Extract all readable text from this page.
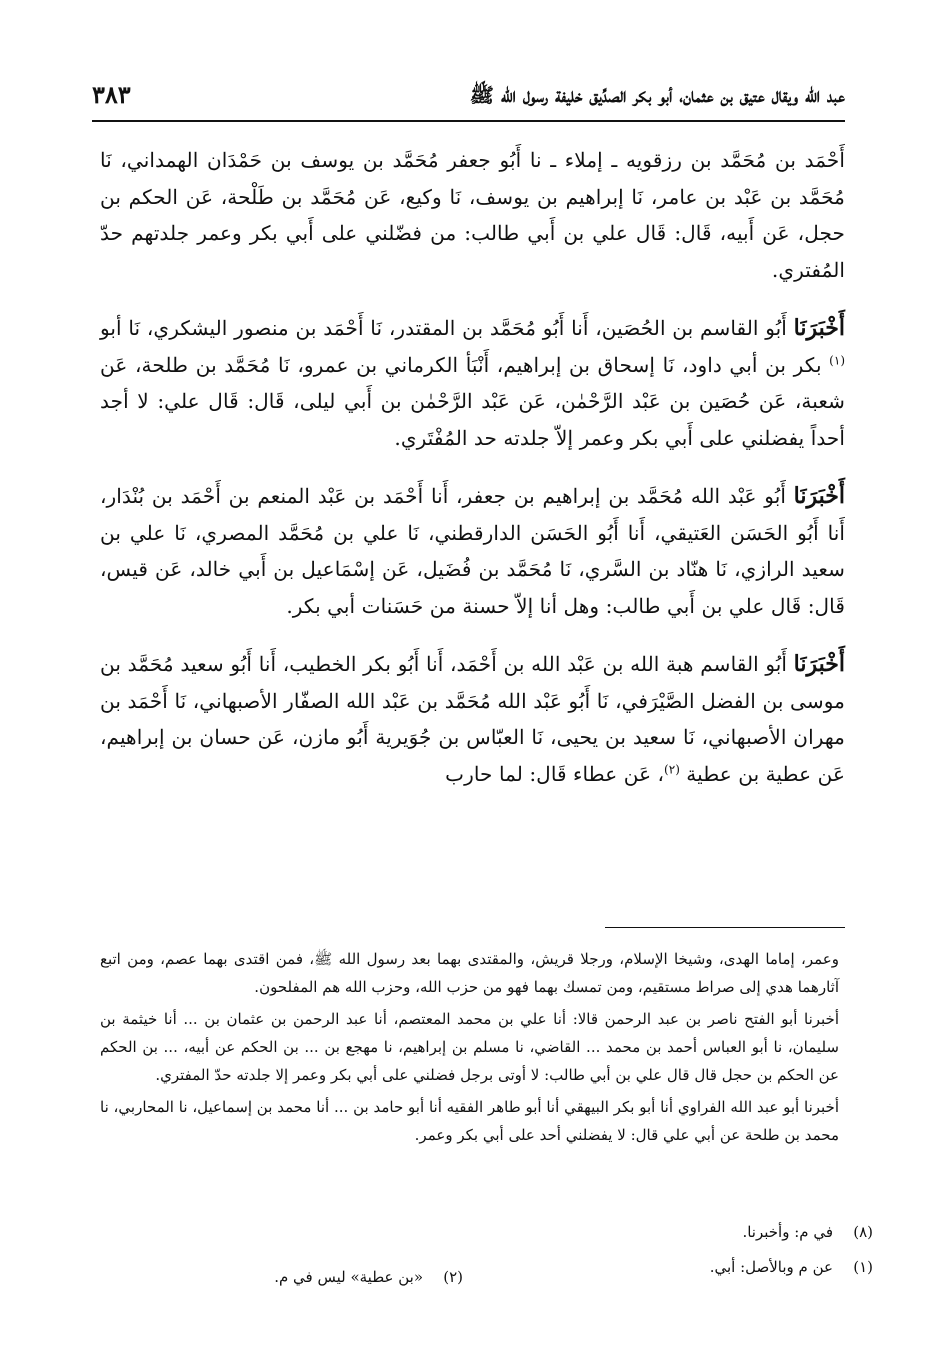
عبد الله ويقال عتيق بن عثمان، أبو بكر الصدِّيق خليفة رسول الله ﷺ
٣٨٣

أَحْمَد بن مُحَمَّد بن رزقويه ـ إملاء ـ نا أَبُو جعفر مُحَمَّد بن يوسف بن حَمْدَان الهمداني، نَا مُحَمَّد بن عَبْد بن عامر، نَا إبراهيم بن يوسف، نَا وكيع، عَن مُحَمَّد بن طَلْحة، عَن الحكم بن حجل، عَن أَبيه، قَال: قَال علي بن أَبي طالب: من فضّلني على أَبي بكر وعمر جلدتهم حدّ المُفتري.

أَخْبَرَنَا أَبُو القاسم بن الحُصَين، أَنا أَبُو مُحَمَّد بن المقتدر، نَا أَحْمَد بن منصور اليشكري، نَا أبو $^{(١)}$ بكر بن أبي داود، نَا إسحاق بن إبراهيم، أَنْبَأ الكرماني بن عمرو، نَا مُحَمَّد بن طلحة، عَن شعبة، عَن حُصَين بن عَبْد الرَّحْمٰن، عَن عَبْد الرَّحْمٰن بن أَبي ليلى، قَال: قَال علي: لا أجد أحداً يفضلني على أَبي بكر وعمر إلاّ جلدته حد المُفْتَري.

أَخْبَرَنَا أَبُو عَبْد الله مُحَمَّد بن إبراهيم بن جعفر، أَنا أَحْمَد بن عَبْد المنعم بن أَحْمَد بن بُنْدَار، أَنا أَبُو الحَسَن العَتيقي، أَنا أَبُو الحَسَن الدارقطني، نَا علي بن مُحَمَّد المصري، نَا علي بن سعيد الرازي، نَا هنّاد بن السَّري، نَا مُحَمَّد بن فُضَيل، عَن إسْمَاعيل بن أَبي خالد، عَن قيس، قَال: قَال علي بن أَبي طالب: وهل أنا إلاّ حسنة من حَسَنات أبي بكر.

أَخْبَرَنَا أَبُو القاسم هبة الله بن عَبْد الله بن أَحْمَد، أَنا أَبُو بكر الخطيب، أَنا أَبُو سعيد مُحَمَّد بن موسى بن الفضل الصَّيْرَفي، نَا أَبُو عَبْد الله مُحَمَّد بن عَبْد الله الصفّار الأصبهاني، نَا أَحْمَد بن مهران الأصبهاني، نَا سعيد بن يحيى، نَا العبّاس بن جُوَيرية أَبُو مازن، عَن حسان بن إبراهيم، عَن عطية بن عطية $^{(٢)}$، عَن عطاء قَال: لما حارب

وعمر، إماما الهدى، وشيخا الإسلام، ورجلا قريش، والمقتدى بهما بعد رسول الله ﷺ، فمن اقتدى بهما عصم، ومن اتبع آثارهما هدي إلى صراط مستقيم، ومن تمسك بهما فهو من حزب الله، وحزب الله هم المفلحون.

أخبرنا أبو الفتح ناصر بن عبد الرحمن قالا: أنا علي بن محمد المعتصم، أنا عبد الرحمن بن عثمان بن ... أنا خيثمة بن سليمان، نا أبو العباس أحمد بن محمد ... القاضي، نا مسلم بن إبراهيم، نا مهجع بن ... بن الحكم عن أبيه، ... بن الحكم عن الحكم بن حجل قال قال علي بن أبي طالب: لا أوتى برجل فضلني على أبي بكر وعمر إلا جلدته حدّ المفتري.

أخبرنا أبو عبد الله الفراوي أنا أبو بكر البيهقي أنا أبو طاهر الفقيه أنا أبو حامد بن ... أنا محمد بن إسماعيل، نا المحاربي، نا محمد بن طلحة عن أبي علي قال: لا يفضلني أحد على أبي بكر وعمر.

(٨)في م: وأخبرنا.
(١)عن م وبالأصل: أبي.
(٢)«بن عطية» ليس في م.
